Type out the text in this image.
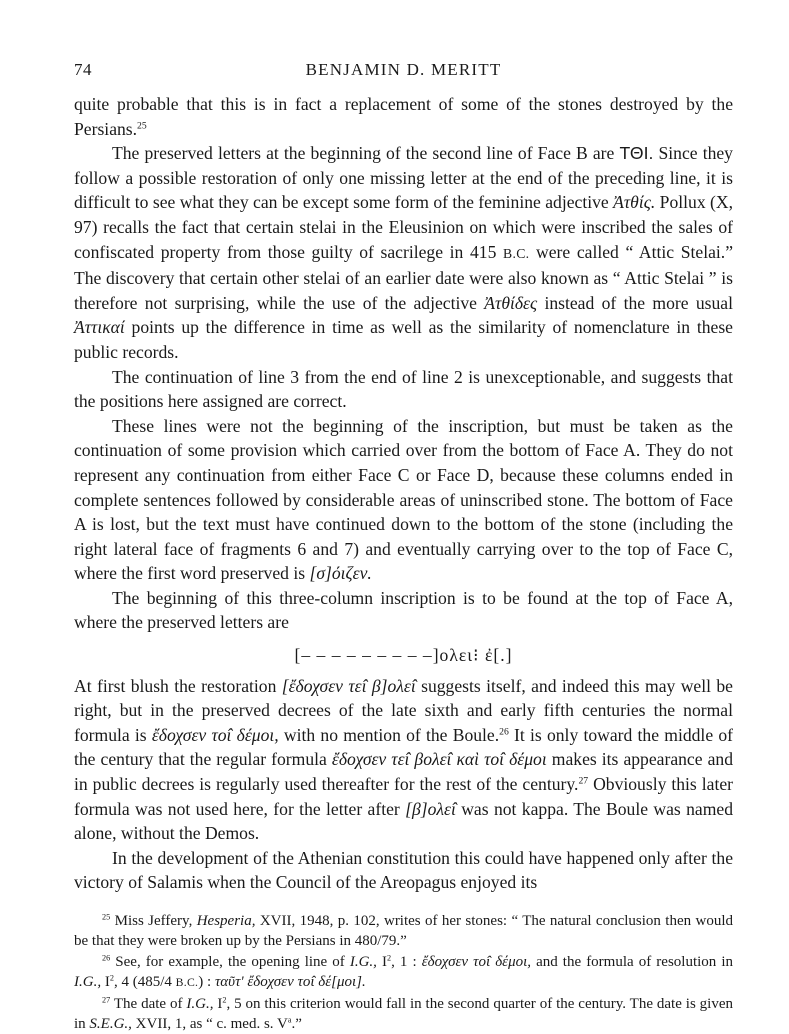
74	BENJAMIN D. MERITT

quite probable that this is in fact a replacement of some of the stones destroyed by the Persians.$^{25}$

The preserved letters at the beginning of the second line of Face B are ΤΘΙ. Since they follow a possible restoration of only one missing letter at the end of the preceding line, it is difficult to see what they can be except some form of the feminine adjective Ἀτθίς. Pollux (X, 97) recalls the fact that certain stelai in the Eleusinion on which were inscribed the sales of confiscated property from those guilty of sacrilege in 415 B.C. were called “ Attic Stelai.” The discovery that certain other stelai of an earlier date were also known as “ Attic Stelai ” is therefore not surprising, while the use of the adjective Ἀτθίδες instead of the more usual Ἀττικαί points up the difference in time as well as the similarity of nomenclature in these public records.

The continuation of line 3 from the end of line 2 is unexceptionable, and suggests that the positions here assigned are correct.

These lines were not the beginning of the inscription, but must be taken as the continuation of some provision which carried over from the bottom of Face A. They do not represent any continuation from either Face C or Face D, because these columns ended in complete sentences followed by considerable areas of uninscribed stone. The bottom of Face A is lost, but the text must have continued down to the bottom of the stone (including the right lateral face of fragments 6 and 7) and eventually carrying over to the top of Face C, where the first word preserved is [σ]όιζεν.

The beginning of this three-column inscription is to be found at the top of Face A, where the preserved letters are

[– – – – – – – – –]ολει⁝ ἐ[.]

At first blush the restoration [ἔδοχσεν τε̂ι β]ολε̂ι suggests itself, and indeed this may well be right, but in the preserved decrees of the late sixth and early fifth centuries the normal formula is ἔδοχσεν το̂ι δέμοι, with no mention of the Boule.$^{26}$ It is only toward the middle of the century that the regular formula ἔδοχσεν τε̂ι βολε̂ι καὶ το̂ι δέμοι makes its appearance and in public decrees is regularly used thereafter for the rest of the century.$^{27}$ Obviously this later formula was not used here, for the letter after [β]ολε̂ι was not kappa. The Boule was named alone, without the Demos.

In the development of the Athenian constitution this could have happened only after the victory of Salamis when the Council of the Areopagus enjoyed its

$^{25}$ Miss Jeffery, Hesperia, XVII, 1948, p. 102, writes of her stones: “ The natural conclusion then would be that they were broken up by the Persians in 480/79.”

$^{26}$ See, for example, the opening line of I.G., $I^2$, 1 : ἔδοχσεν το̂ι δέμοι, and the formula of resolution in I.G., $I^2$, 4 (485/4 B.C.) : ταῦτ' ἔδοχσεν το̂ι δέ[μοι].

$^{27}$ The date of I.G., $I^2$, 5 on this criterion would fall in the second quarter of the century. The date is given in S.E.G., XVII, 1, as “ c. med. s. $V^a$.”
